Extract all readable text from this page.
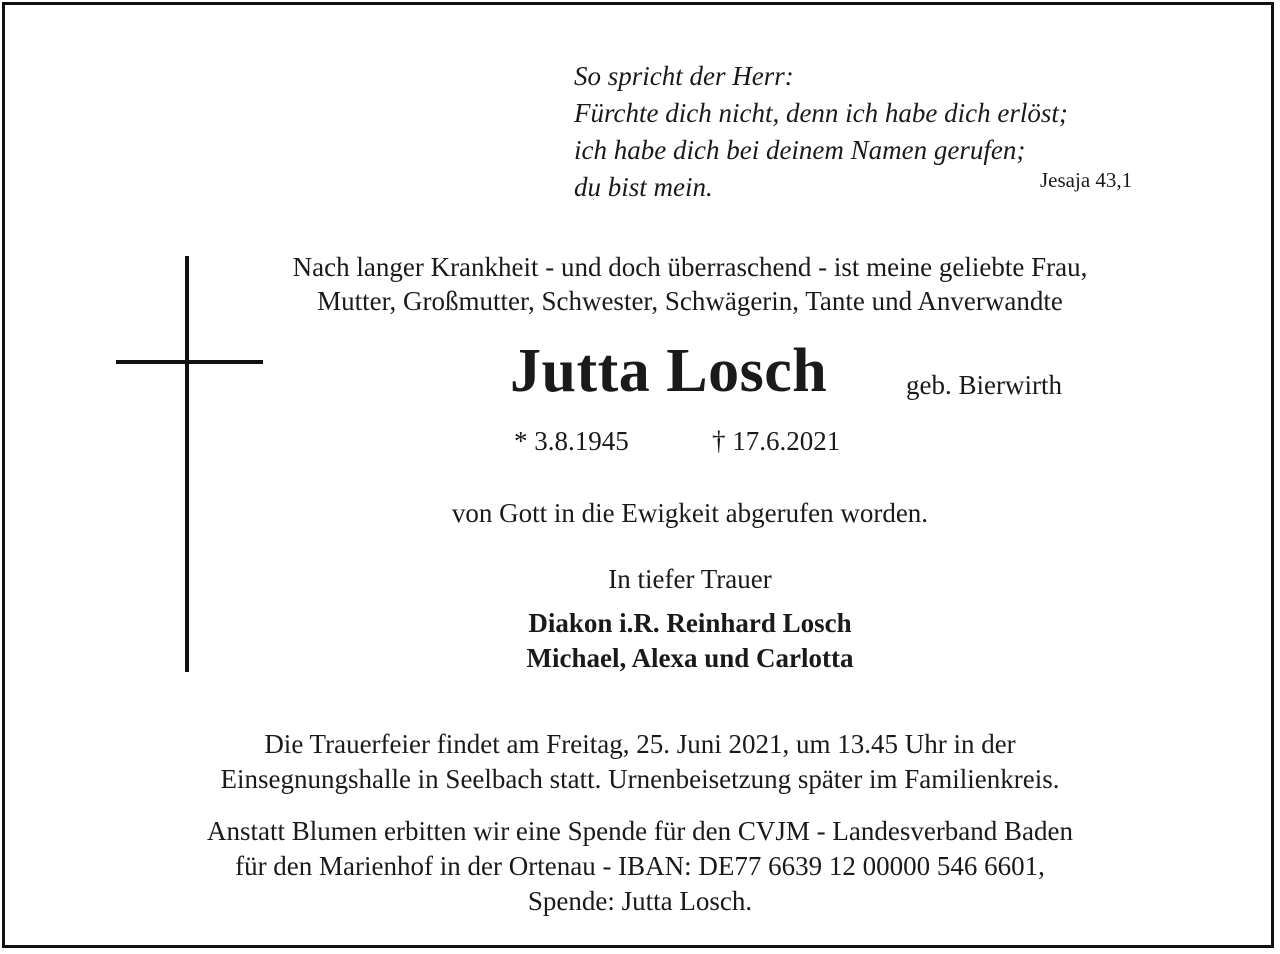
So spricht der Herr:
Fürchte dich nicht, denn ich habe dich erlöst;
ich habe dich bei deinem Namen gerufen;
du bist mein.	Jesaja 43,1
Nach langer Krankheit - und doch überraschend - ist meine geliebte Frau,
Mutter, Großmutter, Schwester, Schwägerin, Tante und Anverwandte
Jutta Losch	geb. Bierwirth
* 3.8.1945	† 17.6.2021
von Gott in die Ewigkeit abgerufen worden.
In tiefer Trauer
Diakon i.R. Reinhard Losch
Michael, Alexa und Carlotta
Die Trauerfeier findet am Freitag, 25. Juni 2021, um 13.45 Uhr in der
Einsegnungshalle in Seelbach statt. Urnenbeisetzung später im Familienkreis.
Anstatt Blumen erbitten wir eine Spende für den CVJM - Landesverband Baden
für den Marienhof in der Ortenau - IBAN: DE77 6639 12 00000 546 6601,
Spende: Jutta Losch.
